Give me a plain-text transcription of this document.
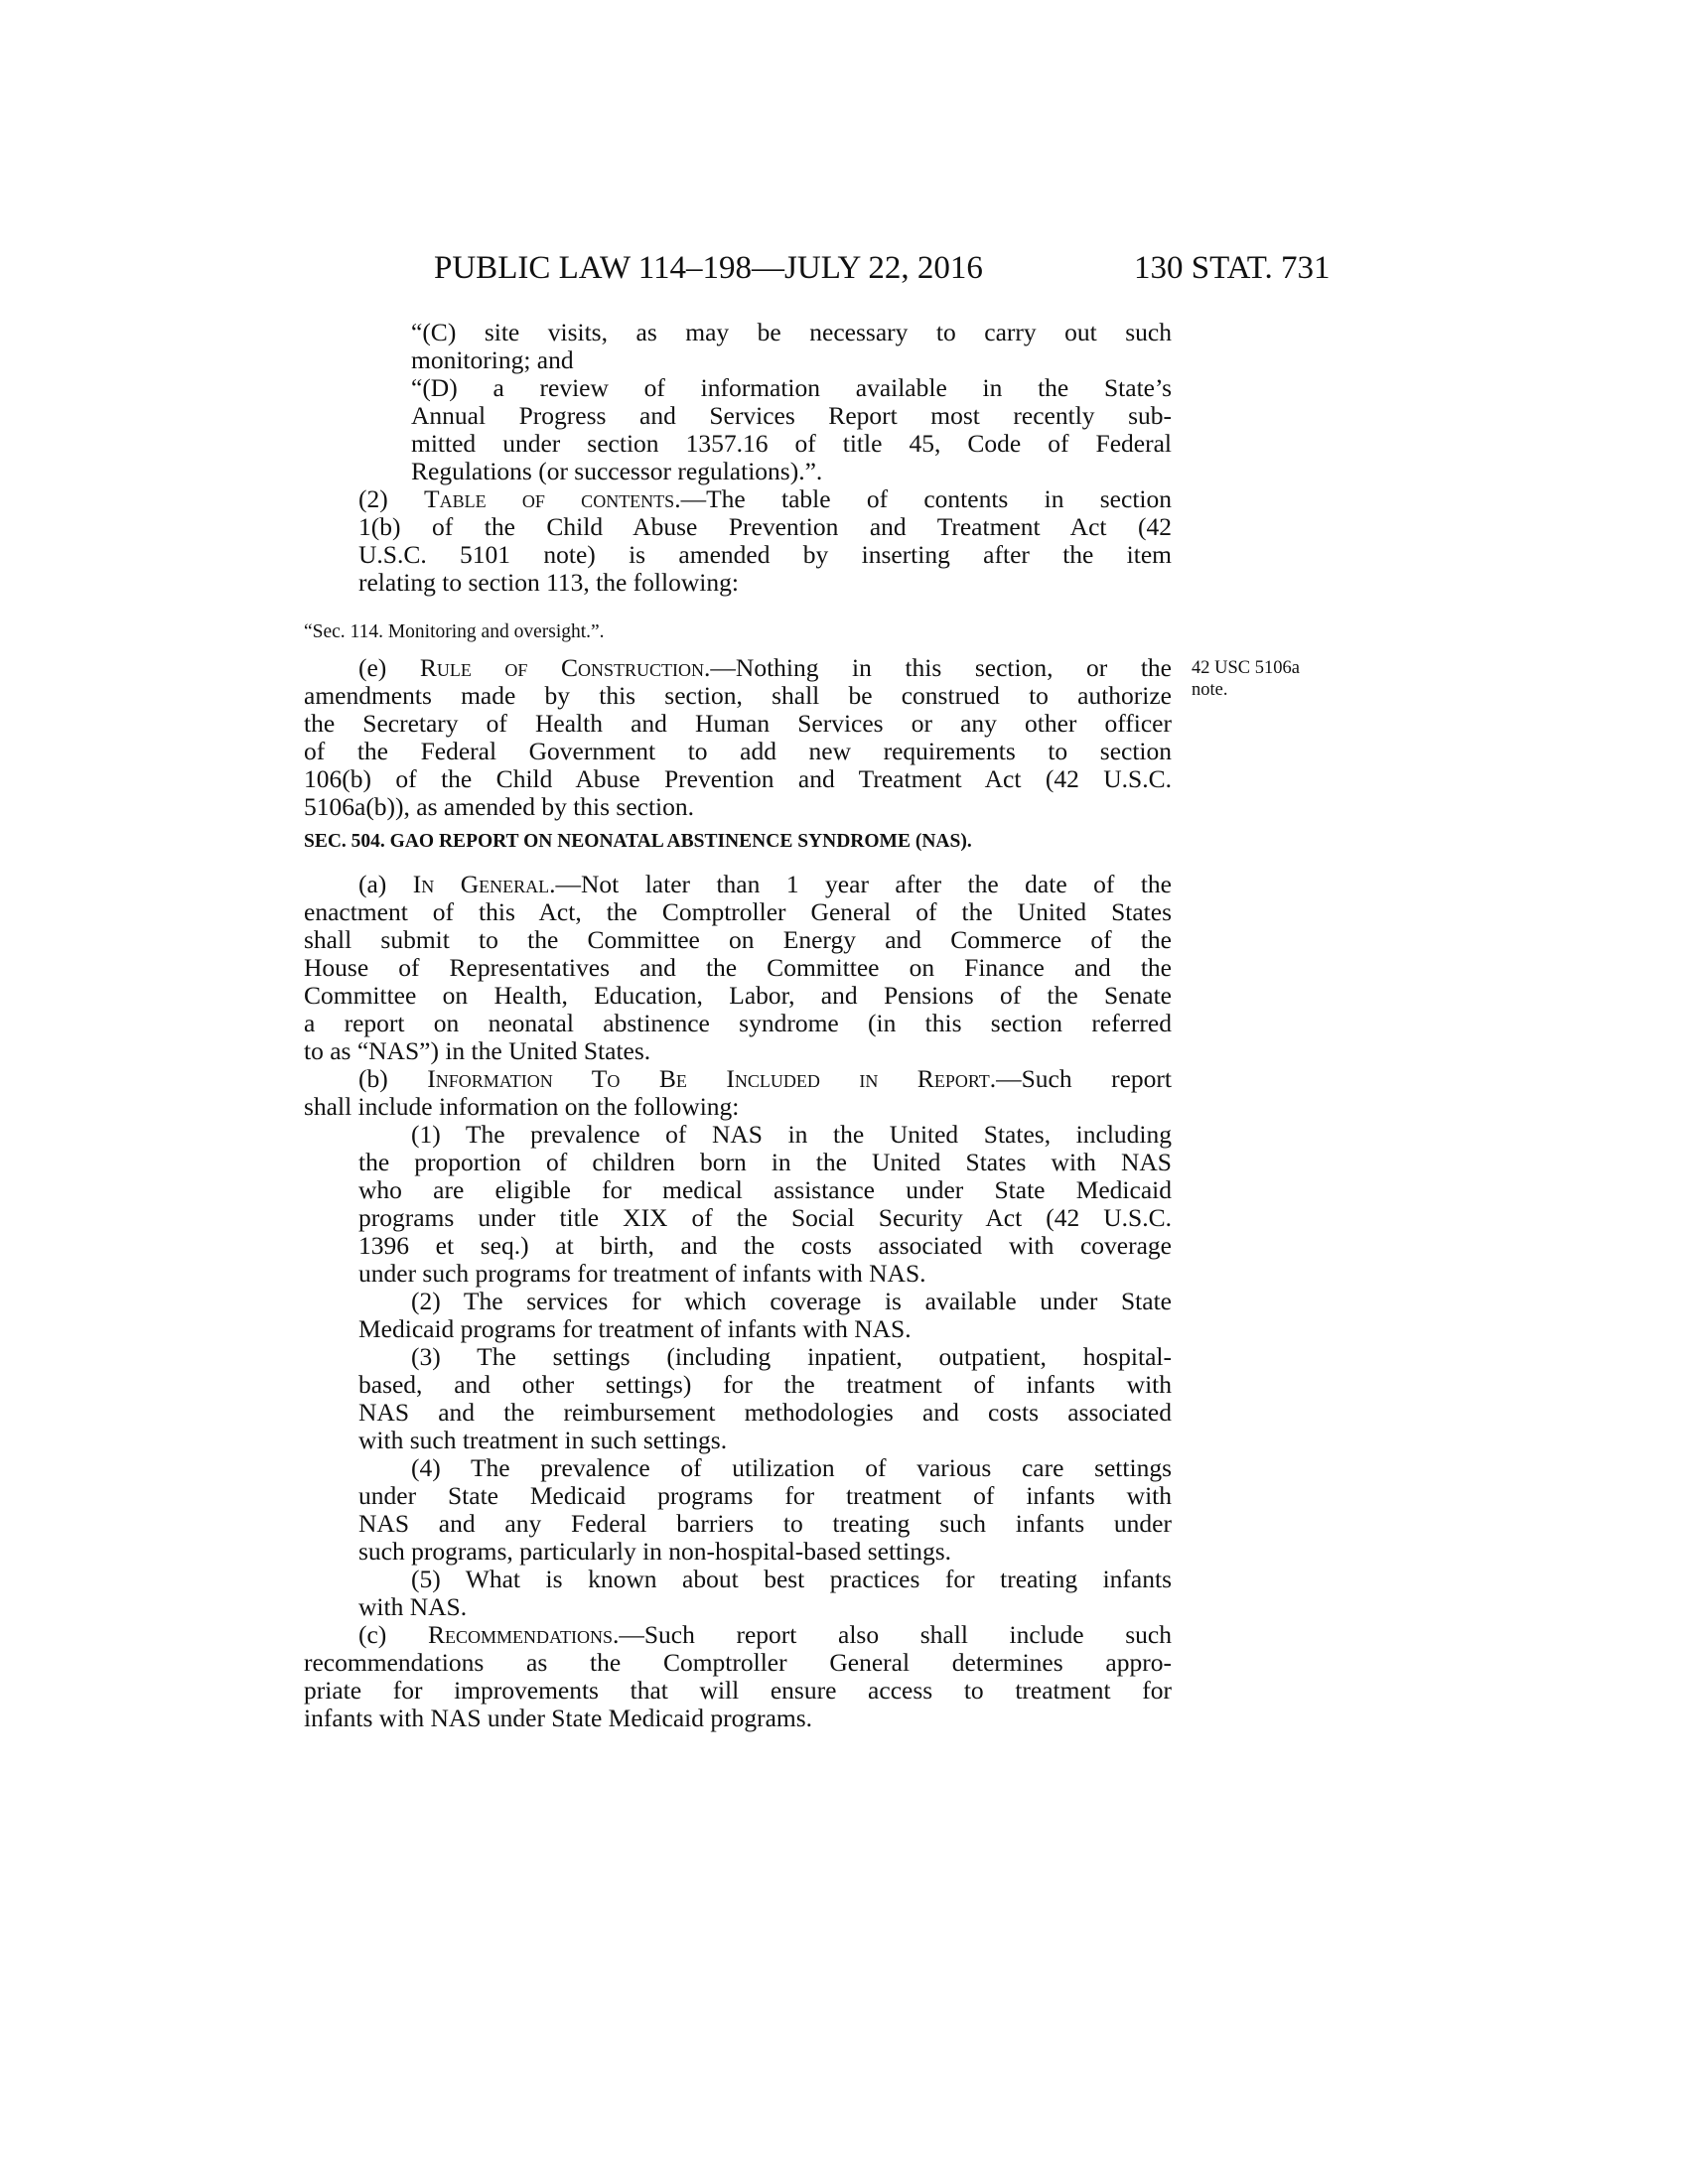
PUBLIC LAW 114–198—JULY 22, 2016	130 STAT. 731
“(C) site visits, as may be necessary to carry out such
monitoring; and
“(D) a review of information available in the State’s
Annual Progress and Services Report most recently sub-
mitted under section 1357.16 of title 45, Code of Federal
Regulations (or successor regulations).”.
(2) Table of contents.—The table of contents in section
1(b) of the Child Abuse Prevention and Treatment Act (42
U.S.C. 5101 note) is amended by inserting after the item
relating to section 113, the following:
“Sec. 114. Monitoring and oversight.”.
(e) Rule of Construction.—Nothing in this section, or the
amendments made by this section, shall be construed to authorize
the Secretary of Health and Human Services or any other officer
of the Federal Government to add new requirements to section
106(b) of the Child Abuse Prevention and Treatment Act (42 U.S.C.
5106a(b)), as amended by this section.
42 USC 5106a
note.
SEC. 504. GAO REPORT ON NEONATAL ABSTINENCE SYNDROME (NAS).
(a) In General.—Not later than 1 year after the date of the
enactment of this Act, the Comptroller General of the United States
shall submit to the Committee on Energy and Commerce of the
House of Representatives and the Committee on Finance and the
Committee on Health, Education, Labor, and Pensions of the Senate
a report on neonatal abstinence syndrome (in this section referred
to as “NAS”) in the United States.
(b) Information To Be Included in Report.—Such report
shall include information on the following:
(1) The prevalence of NAS in the United States, including
the proportion of children born in the United States with NAS
who are eligible for medical assistance under State Medicaid
programs under title XIX of the Social Security Act (42 U.S.C.
1396 et seq.) at birth, and the costs associated with coverage
under such programs for treatment of infants with NAS.
(2) The services for which coverage is available under State
Medicaid programs for treatment of infants with NAS.
(3) The settings (including inpatient, outpatient, hospital-
based, and other settings) for the treatment of infants with
NAS and the reimbursement methodologies and costs associated
with such treatment in such settings.
(4) The prevalence of utilization of various care settings
under State Medicaid programs for treatment of infants with
NAS and any Federal barriers to treating such infants under
such programs, particularly in non-hospital-based settings.
(5) What is known about best practices for treating infants
with NAS.
(c) Recommendations.—Such report also shall include such
recommendations as the Comptroller General determines appro-
priate for improvements that will ensure access to treatment for
infants with NAS under State Medicaid programs.
